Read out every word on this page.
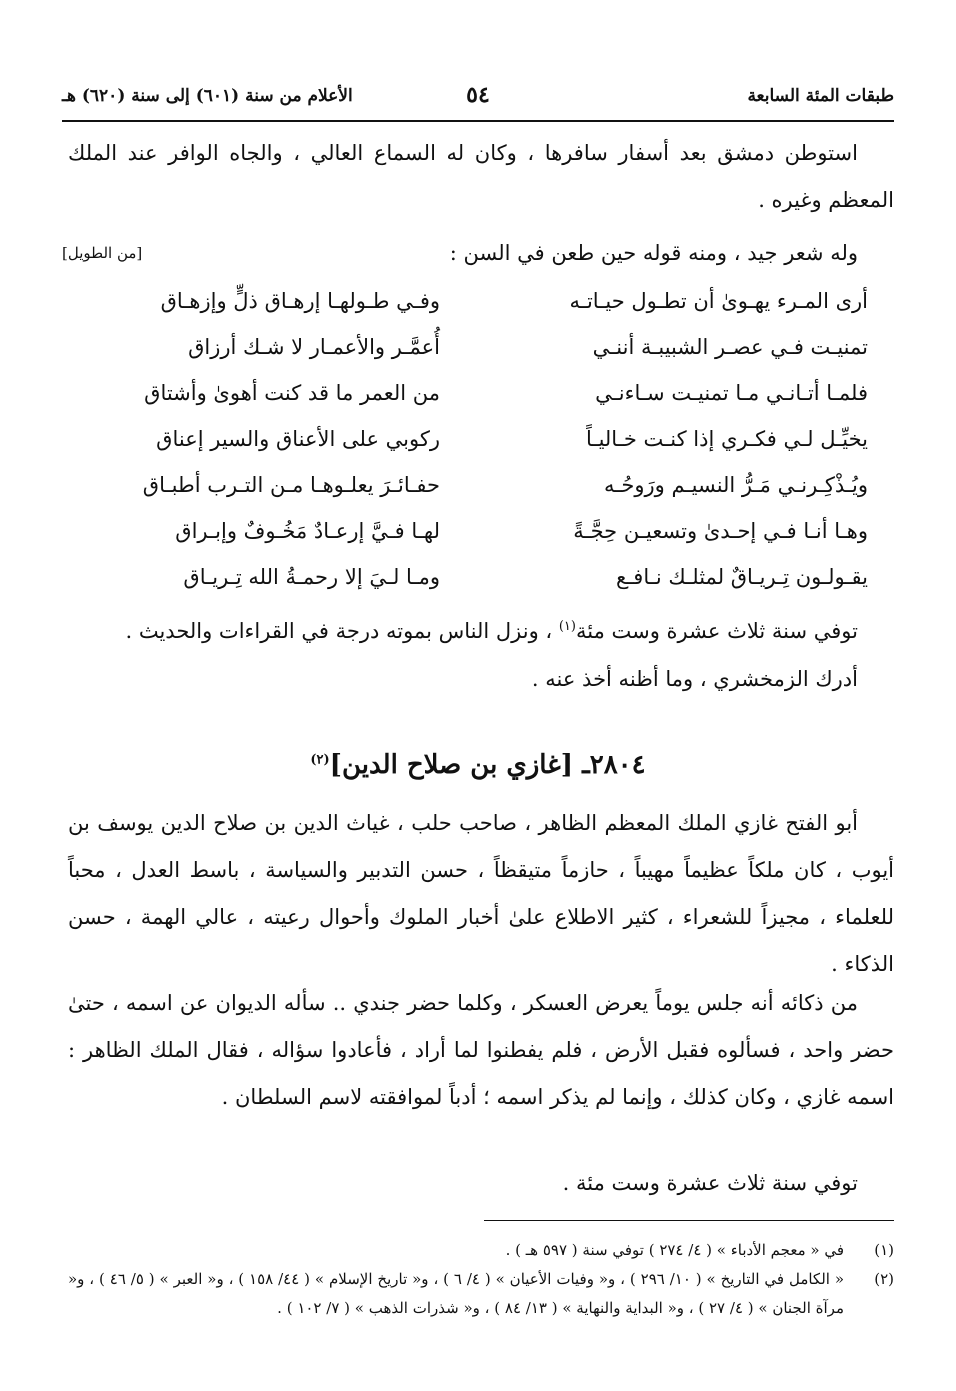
طبقات المئة السابعة
٥٤
الأعلام من سنة (٦٠١) إلى سنة (٦٢٠) هـ

استوطن دمشق بعد أسفار سافرها ، وكان له السماع العالي ، والجاه الوافر عند الملك المعظم وغيره .

وله شعر جيد ، ومنه قوله حين طعن في السن :
[من الطويل]
أرى المـرء يهـوىٰ أن تطـول حيـاتـه
وفـي طـولهـا إرهـاق ذلٍّ وإزهـاق
تمنيـت فـي عصـر الشبيبـة أننـي
أُعمَّـر والأعمـار لا شـك أرزاق
فلمـا أتـانـي مـا تمنيـت سـاءنـي
من العمر ما قد كنت أهوىٰ وأشتاق
يخيِّـل لـي فكـري إذا كنـت خـاليـاً
ركوبي على الأعناق والسير إعناق
ويُـذْكِـرنـي مَـرُّ النسيـم ورَوحُـه
حفـائـرَ يعلـوهـا مـن التـرب أطبـاق
وهـا أنـا فـي إحـدىٰ وتسعيـن حِجَّـةً
لهـا فـيَّ إرعـادٌ مَخُـوفٌ وإبـراق
يقـولـون تِـريـاقٌ لمثلـك نـافـع
ومـا لـيَ إلا رحمـةُ الله تِـريـاق

توفي سنة ثلاث عشرة وست مئة$^{(١)}$ ، ونزل الناس بموته درجة في القراءات والحديث .

أدرك الزمخشري ، وما أظنه أخذ عنه .

٢٨٠٤ـ [غازي بن صلاح الدين]$^{(٢)}$

أبو الفتح غازي الملك المعظم الظاهر ، صاحب حلب ، غياث الدين بن صلاح الدين يوسف بن أيوب ، كان ملكاً عظيماً مهيباً ، حازماً متيقظاً ، حسن التدبير والسياسة ، باسط العدل ، محباً للعلماء ، مجيزاً للشعراء ، كثير الاطلاع علىٰ أخبار الملوك وأحوال رعيته ، عالي الهمة ، حسن الذكاء .

من ذكائه أنه جلس يوماً يعرض العسكر ، وكلما حضر جندي .. سأله الديوان عن اسمه ، حتىٰ حضر واحد ، فسألوه فقبل الأرض ، فلم يفطنوا لما أراد ، فأعادوا سؤاله ، فقال الملك الظاهر : اسمه غازي ، وكان كذلك ، وإنما لم يذكر اسمه ؛ أدباً لموافقته لاسم السلطان .

توفي سنة ثلاث عشرة وست مئة .

(١)
في « معجم الأدباء » ( ٤/ ٢٧٤ ) توفي سنة ( ٥٩٧ هـ ) .
(٢)
« الكامل في التاريخ » ( ١٠/ ٢٩٦ ) ، و« وفيات الأعيان » ( ٤/ ٦ ) ، و« تاريخ الإسلام » ( ٤٤/ ١٥٨ ) ، و« العبر » ( ٥/ ٤٦ ) ، و« مرآة الجنان » ( ٤/ ٢٧ ) ، و« البداية والنهاية » ( ١٣/ ٨٤ ) ، و« شذرات الذهب » ( ٧/ ١٠٢ ) .
